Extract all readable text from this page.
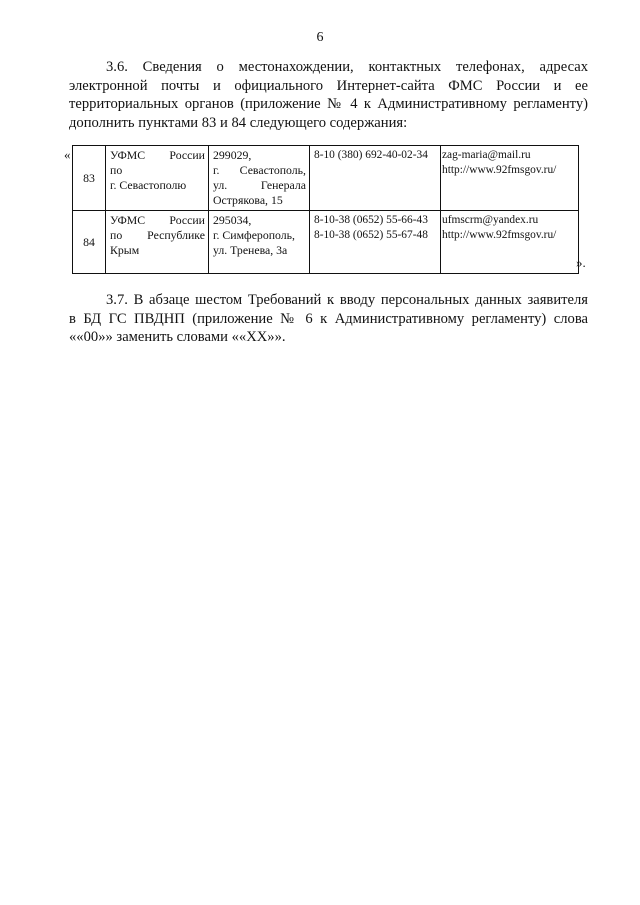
6

3.6. Сведения о местонахождении, контактных телефонах, адресах
электронной почты и официального Интернет-сайта ФМС России и ее
территориальных органов (приложение № 4 к Административному регламенту)
дополнить пунктами 83 и 84 следующего содержания:

«
83	УФМС России
по
г. Севастополю	299029,
г. Севастополь,
ул. Генерала
Острякова, 15	8-10 (380) 692-40-02-34	zag-maria@mail.ru
http://www.92fmsgov.ru/

84	УФМС России
по Республике
Крым	295034,
г. Симферополь,
ул. Тренева, 3а	8-10-38 (0652) 55-66-43
8-10-38 (0652) 55-67-48	ufmscrm@yandex.ru
http://www.92fmsgov.ru/
».

3.7. В абзаце шестом Требований к вводу персональных данных заявителя
в БД ГС ПВДНП (приложение № 6 к Административному регламенту) слова
««00»» заменить словами ««XX»».
